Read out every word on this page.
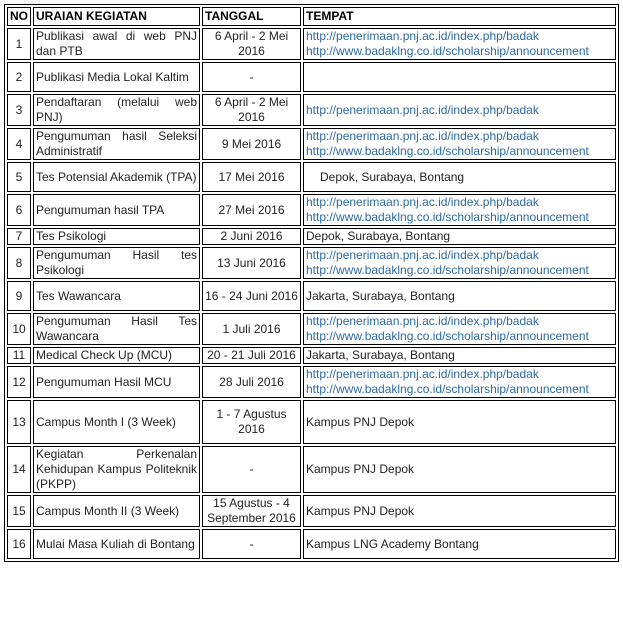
NO	URAIAN KEGIATAN	TANGGAL	TEMPAT
1	Publikasi awal di web PNJ dan PTB	6 April - 2 Mei 2016	http://penerimaan.pnj.ac.id/index.php/badak
http://www.badaklng.co.id/scholarship/announcement

2	Publikasi Media Lokal Kaltim	-	
3	Pendaftaran (melalui web PNJ)	6 April - 2 Mei 2016	http://penerimaan.pnj.ac.id/index.php/badak

4	Pengumuman hasil Seleksi Administratif	9 Mei 2016	http://penerimaan.pnj.ac.id/index.php/badak
http://www.badaklng.co.id/scholarship/announcement

5	Tes Potensial Akademik (TPA)	17 Mei 2016	Depok, Surabaya, Bontang

6	Pengumuman hasil TPA	27 Mei 2016	http://penerimaan.pnj.ac.id/index.php/badak
http://www.badaklng.co.id/scholarship/announcement

7	Tes Psikologi	2 Juni 2016	Depok, Surabaya, Bontang

8	Pengumuman Hasil tes Psikologi	13 Juni 2016	http://penerimaan.pnj.ac.id/index.php/badak
http://www.badaklng.co.id/scholarship/announcement

9	Tes Wawancara	16 - 24 Juni 2016	Jakarta, Surabaya, Bontang

10	Pengumuman Hasil Tes Wawancara	1 Juli 2016	http://penerimaan.pnj.ac.id/index.php/badak
http://www.badaklng.co.id/scholarship/announcement

11	Medical Check Up (MCU)	20 - 21 Juli 2016	Jakarta, Surabaya, Bontang

12	Pengumuman Hasil MCU	28 Juli 2016	http://penerimaan.pnj.ac.id/index.php/badak
http://www.badaklng.co.id/scholarship/announcement

13	Campus Month I (3 Week)	1 - 7 Agustus 2016	Kampus PNJ Depok

14	Kegiatan Perkenalan Kehidupan Kampus Politeknik (PKPP)	-	Kampus PNJ Depok

15	Campus Month II (3 Week)	15 Agustus - 4 September 2016	Kampus PNJ Depok

16	Mulai Masa Kuliah di Bontang	-	Kampus LNG Academy Bontang
